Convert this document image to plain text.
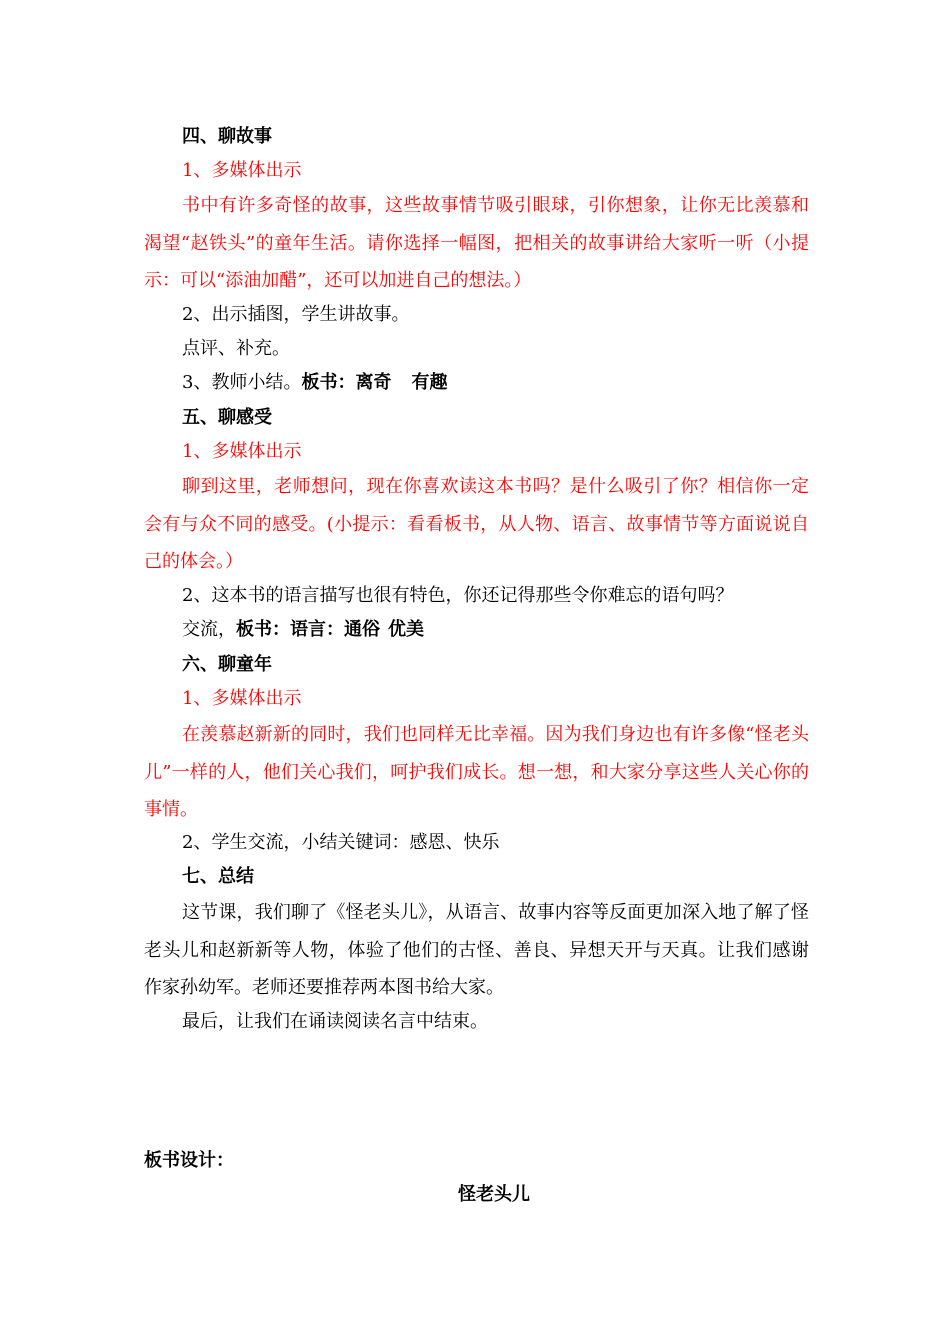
四、聊故事
1、多媒体出示
书中有许多奇怪的故事，这些故事情节吸引眼球，引你想象，让你无比羡慕和渴望“赵铁头”的童年生活。请你选择一幅图，把相关的故事讲给大家听一听（小提示：可以“添油加醋”，还可以加进自己的想法。）
2、出示插图，学生讲故事。
点评、补充。
3、教师小结。板书：离奇 有趣
五、聊感受
1、多媒体出示
聊到这里，老师想问，现在你喜欢读这本书吗？是什么吸引了你？相信你一定会有与众不同的感受。(小提示：看看板书，从人物、语言、故事情节等方面说说自己的体会。）
2、这本书的语言描写也很有特色，你还记得那些令你难忘的语句吗？
交流，板书：语言：通俗 优美
六、聊童年
1、多媒体出示
在羡慕赵新新的同时，我们也同样无比幸福。因为我们身边也有许多像“怪老头儿”一样的人，他们关心我们，呵护我们成长。想一想，和大家分享这些人关心你的事情。
2、学生交流，小结关键词：感恩、快乐
七、总结
这节课，我们聊了《怪老头儿》，从语言、故事内容等反面更加深入地了解了怪老头儿和赵新新等人物，体验了他们的古怪、善良、异想天开与天真。让我们感谢作家孙幼军。老师还要推荐两本图书给大家。
最后，让我们在诵读阅读名言中结束。
板书设计：
怪老头儿
